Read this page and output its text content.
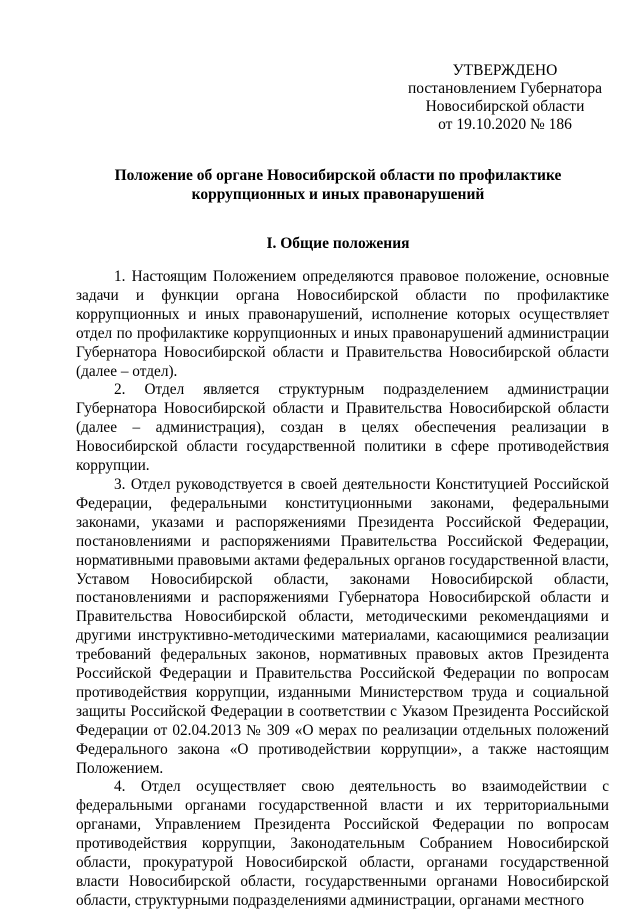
УТВЕРЖДЕНО
постановлением Губернатора
Новосибирской области
от 19.10.2020 № 186
Положение об органе Новосибирской области по профилактике
коррупционных и иных правонарушений
I. Общие положения

1. Настоящим Положением определяются правовое положение, основные задачи и функции органа Новосибирской области по профилактике коррупционных и иных правонарушений, исполнение которых осуществляет отдел по профилактике коррупционных и иных правонарушений администрации Губернатора Новосибирской области и Правительства Новосибирской области (далее – отдел).

2. Отдел является структурным подразделением администрации Губернатора Новосибирской области и Правительства Новосибирской области (далее – администрация), создан в целях обеспечения реализации в Новосибирской области государственной политики в сфере противодействия коррупции.

3. Отдел руководствуется в своей деятельности Конституцией Российской Федерации, федеральными конституционными законами, федеральными законами, указами и распоряжениями Президента Российской Федерации, постановлениями и распоряжениями Правительства Российской Федерации, нормативными правовыми актами федеральных органов государственной власти, Уставом Новосибирской области, законами Новосибирской области, постановлениями и распоряжениями Губернатора Новосибирской области и Правительства Новосибирской области, методическими рекомендациями и другими инструктивно-методическими материалами, касающимися реализации требований федеральных законов, нормативных правовых актов Президента Российской Федерации и Правительства Российской Федерации по вопросам противодействия коррупции, изданными Министерством труда и социальной защиты Российской Федерации в соответствии с Указом Президента Российской Федерации от 02.04.2013 № 309 «О мерах по реализации отдельных положений Федерального закона «О противодействии коррупции», а также настоящим Положением.

4. Отдел осуществляет свою деятельность во взаимодействии с федеральными органами государственной власти и их территориальными органами, Управлением Президента Российской Федерации по вопросам противодействия коррупции, Законодательным Собранием Новосибирской области, прокуратурой Новосибирской области, органами государственной власти Новосибирской области, государственными органами Новосибирской области, структурными подразделениями администрации, органами местного
